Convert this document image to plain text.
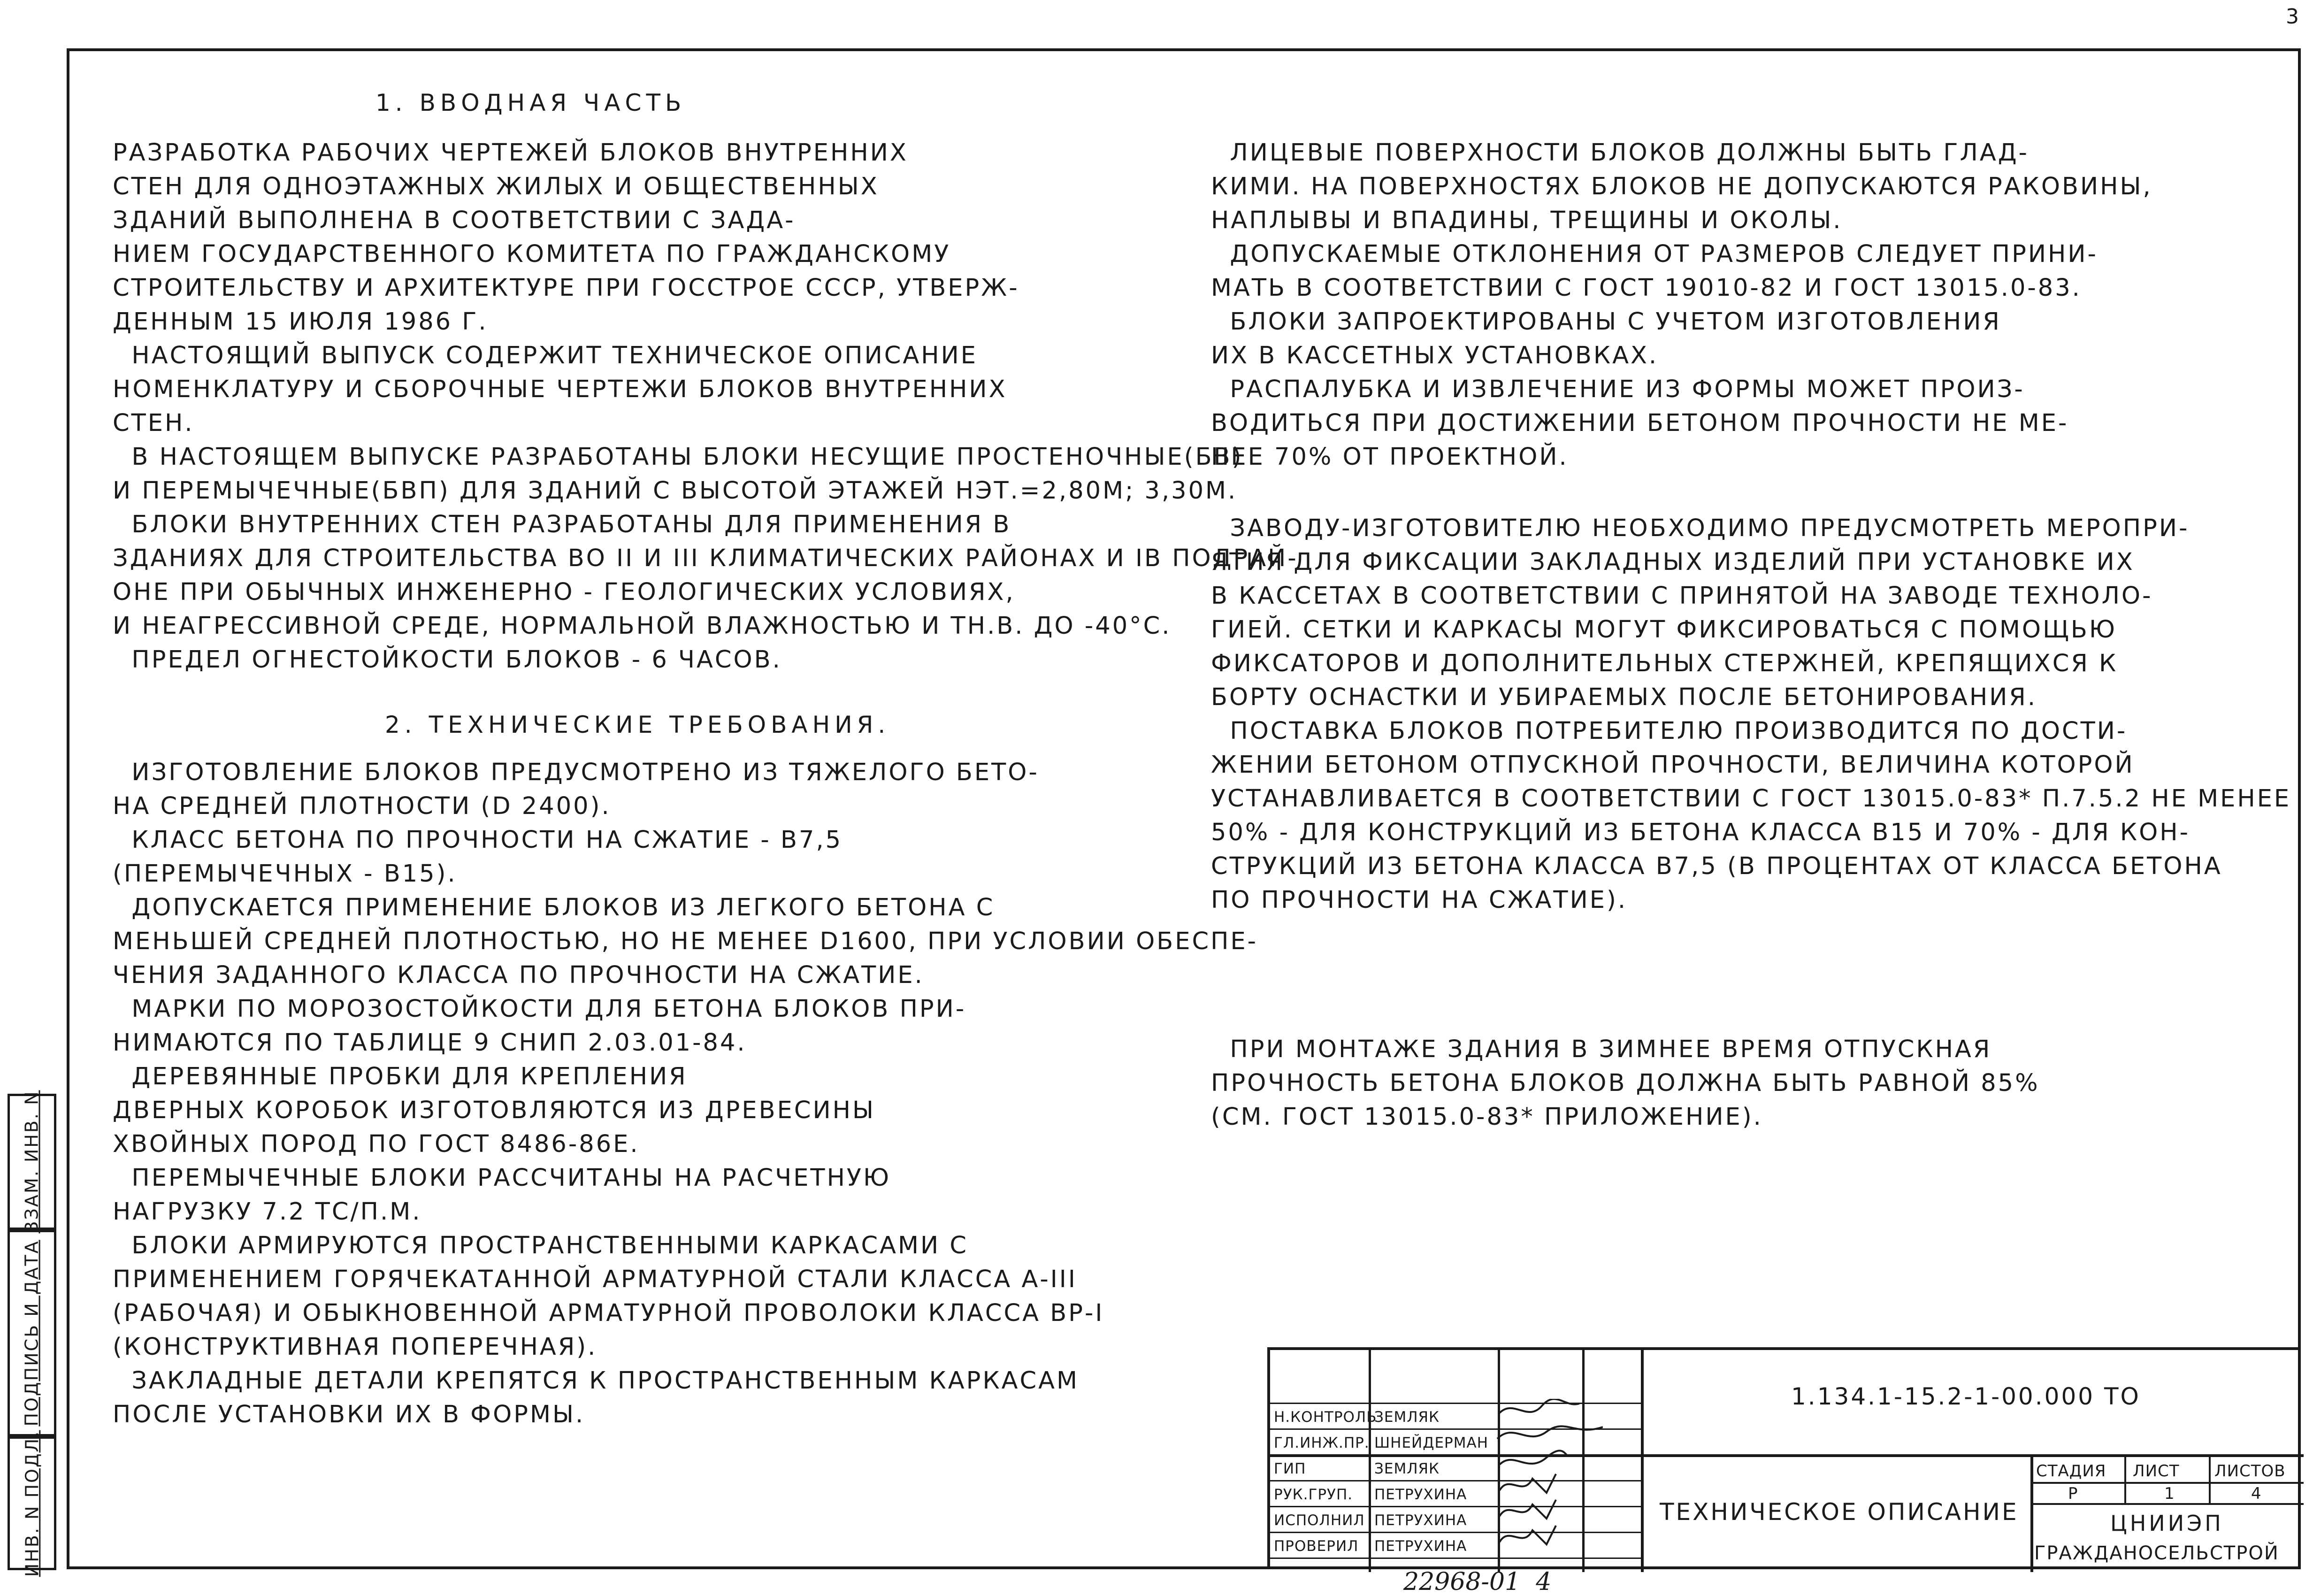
3
1. ВВОДНАЯ ЧАСТЬ

РАЗРАБОТКА РАБОЧИХ ЧЕРТЕЖЕЙ БЛОКОВ ВНУТРЕННИХ

СТЕН ДЛЯ ОДНОЭТАЖНЫХ ЖИЛЫХ И ОБЩЕСТВЕННЫХ

ЗДАНИЙ ВЫПОЛНЕНА В СООТВЕТСТВИИ С ЗАДА-

НИЕМ ГОСУДАРСТВЕННОГО КОМИТЕТА ПО ГРАЖДАНСКОМУ

СТРОИТЕЛЬСТВУ И АРХИТЕКТУРЕ ПРИ ГОССТРОЕ СССР, УТВЕРЖ-

ДЕННЫМ 15 ИЮЛЯ 1986 Г.

НАСТОЯЩИЙ ВЫПУСК СОДЕРЖИТ ТЕХНИЧЕСКОЕ ОПИСАНИЕ

НОМЕНКЛАТУРУ И СБОРОЧНЫЕ ЧЕРТЕЖИ БЛОКОВ ВНУТРЕННИХ

СТЕН.

В НАСТОЯЩЕМ ВЫПУСКЕ РАЗРАБОТАНЫ БЛОКИ НЕСУЩИЕ ПРОСТЕНОЧНЫЕ(БВ)

И ПЕРЕМЫЧЕЧНЫЕ(БВП) ДЛЯ ЗДАНИЙ С ВЫСОТОЙ ЭТАЖЕЙ НЭТ.=2,80М; 3,30М.

БЛОКИ ВНУТРЕННИХ СТЕН РАЗРАБОТАНЫ ДЛЯ ПРИМЕНЕНИЯ В

ЗДАНИЯХ ДЛЯ СТРОИТЕЛЬСТВА ВО II И III КЛИМАТИЧЕСКИХ РАЙОНАХ И IВ ПОДРАЙ-

ОНЕ ПРИ ОБЫЧНЫХ ИНЖЕНЕРНО - ГЕОЛОГИЧЕСКИХ УСЛОВИЯХ,

И НЕАГРЕССИВНОЙ СРЕДЕ, НОРМАЛЬНОЙ ВЛАЖНОСТЬЮ И TН.В. ДО -40°С.

ПРЕДЕЛ ОГНЕСТОЙКОСТИ БЛОКОВ - 6 ЧАСОВ.

2. ТЕХНИЧЕСКИЕ ТРЕБОВАНИЯ.

ИЗГОТОВЛЕНИЕ БЛОКОВ ПРЕДУСМОТРЕНО ИЗ ТЯЖЕЛОГО БЕТО-

НА СРЕДНЕЙ ПЛОТНОСТИ (D 2400).

КЛАСС БЕТОНА ПО ПРОЧНОСТИ НА СЖАТИЕ - В7,5

(ПЕРЕМЫЧЕЧНЫХ - В15).

ДОПУСКАЕТСЯ ПРИМЕНЕНИЕ БЛОКОВ ИЗ ЛЕГКОГО БЕТОНА С

МЕНЬШЕЙ СРЕДНЕЙ ПЛОТНОСТЬЮ, НО НЕ МЕНЕЕ D1600, ПРИ УСЛОВИИ ОБЕСПЕ-

ЧЕНИЯ ЗАДАННОГО КЛАССА ПО ПРОЧНОСТИ НА СЖАТИЕ.

МАРКИ ПО МОРОЗОСТОЙКОСТИ ДЛЯ БЕТОНА БЛОКОВ ПРИ-

НИМАЮТСЯ ПО ТАБЛИЦЕ 9 СНИП 2.03.01-84.

ДЕРЕВЯННЫЕ ПРОБКИ ДЛЯ КРЕПЛЕНИЯ

ДВЕРНЫХ КОРОБОК ИЗГОТОВЛЯЮТСЯ ИЗ ДРЕВЕСИНЫ

ХВОЙНЫХ ПОРОД ПО ГОСТ 8486-86Е.

ПЕРЕМЫЧЕЧНЫЕ БЛОКИ РАССЧИТАНЫ НА РАСЧЕТНУЮ

НАГРУЗКУ 7.2 ТС/П.М.

БЛОКИ АРМИРУЮТСЯ ПРОСТРАНСТВЕННЫМИ КАРКАСАМИ С

ПРИМЕНЕНИЕМ ГОРЯЧЕКАТАННОЙ АРМАТУРНОЙ СТАЛИ КЛАССА А-III

(РАБОЧАЯ) И ОБЫКНОВЕННОЙ АРМАТУРНОЙ ПРОВОЛОКИ КЛАССА ВР-I

(КОНСТРУКТИВНАЯ ПОПЕРЕЧНАЯ).

ЗАКЛАДНЫЕ ДЕТАЛИ КРЕПЯТСЯ К ПРОСТРАНСТВЕННЫМ КАРКАСАМ

ПОСЛЕ УСТАНОВКИ ИХ В ФОРМЫ.

ЛИЦЕВЫЕ ПОВЕРХНОСТИ БЛОКОВ ДОЛЖНЫ БЫТЬ ГЛАД-

КИМИ. НА ПОВЕРХНОСТЯХ БЛОКОВ НЕ ДОПУСКАЮТСЯ РАКОВИНЫ,

НАПЛЫВЫ И ВПАДИНЫ, ТРЕЩИНЫ И ОКОЛЫ.

ДОПУСКАЕМЫЕ ОТКЛОНЕНИЯ ОТ РАЗМЕРОВ СЛЕДУЕТ ПРИНИ-

МАТЬ В СООТВЕТСТВИИ С ГОСТ 19010-82 И ГОСТ 13015.0-83.

БЛОКИ ЗАПРОЕКТИРОВАНЫ С УЧЕТОМ ИЗГОТОВЛЕНИЯ

ИХ В КАССЕТНЫХ УСТАНОВКАХ.

РАСПАЛУБКА И ИЗВЛЕЧЕНИЕ ИЗ ФОРМЫ МОЖЕТ ПРОИЗ-

ВОДИТЬСЯ ПРИ ДОСТИЖЕНИИ БЕТОНОМ ПРОЧНОСТИ НЕ МЕ-

НЕЕ 70% ОТ ПРОЕКТНОЙ.

ЗАВОДУ-ИЗГОТОВИТЕЛЮ НЕОБХОДИМО ПРЕДУСМОТРЕТЬ МЕРОПРИ-

ЯТИЯ ДЛЯ ФИКСАЦИИ ЗАКЛАДНЫХ ИЗДЕЛИЙ ПРИ УСТАНОВКЕ ИХ

В КАССЕТАХ В СООТВЕТСТВИИ С ПРИНЯТОЙ НА ЗАВОДЕ ТЕХНОЛО-

ГИЕЙ. СЕТКИ И КАРКАСЫ МОГУТ ФИКСИРОВАТЬСЯ С ПОМОЩЬЮ

ФИКСАТОРОВ И ДОПОЛНИТЕЛЬНЫХ СТЕРЖНЕЙ, КРЕПЯЩИХСЯ К

БОРТУ ОСНАСТКИ И УБИРАЕМЫХ ПОСЛЕ БЕТОНИРОВАНИЯ.

ПОСТАВКА БЛОКОВ ПОТРЕБИТЕЛЮ ПРОИЗВОДИТСЯ ПО ДОСТИ-

ЖЕНИИ БЕТОНОМ ОТПУСКНОЙ ПРОЧНОСТИ, ВЕЛИЧИНА КОТОРОЙ

УСТАНАВЛИВАЕТСЯ В СООТВЕТСТВИИ С ГОСТ 13015.0-83* П.7.5.2 НЕ МЕНЕЕ

50% - ДЛЯ КОНСТРУКЦИЙ ИЗ БЕТОНА КЛАССА В15 И 70% - ДЛЯ КОН-

СТРУКЦИЙ ИЗ БЕТОНА КЛАССА В7,5 (В ПРОЦЕНТАХ ОТ КЛАССА БЕТОНА

ПО ПРОЧНОСТИ НА СЖАТИЕ).

ПРИ МОНТАЖЕ ЗДАНИЯ В ЗИМНЕЕ ВРЕМЯ ОТПУСКНАЯ

ПРОЧНОСТЬ БЕТОНА БЛОКОВ ДОЛЖНА БЫТЬ РАВНОЙ 85%

(СМ. ГОСТ 13015.0-83* ПРИЛОЖЕНИЕ).

ВЗАМ. ИНВ. N
ПОДПИСЬ И ДАТА
ИНВ. N ПОДЛ.
1.134.1-15.2-1-00.000 ТО
ТЕХНИЧЕСКОЕ ОПИСАНИЕ
СТАДИЯ ЛИСТ ЛИСТОВ
Р	1	4
ЦНИИЭП
ГРАЖДАНОСЕЛЬСТРОЙ
Н.КОНТРОЛЬ
ЗЕМЛЯК
ГЛ.ИНЖ.ПР. ШНЕЙДЕРМАН
ГИП	ЗЕМЛЯК
РУК.ГРУП. ПЕТРУХИНА
ИСПОЛНИЛ ПЕТРУХИНА
ПРОВЕРИЛ ПЕТРУХИНА
22968-01  4
